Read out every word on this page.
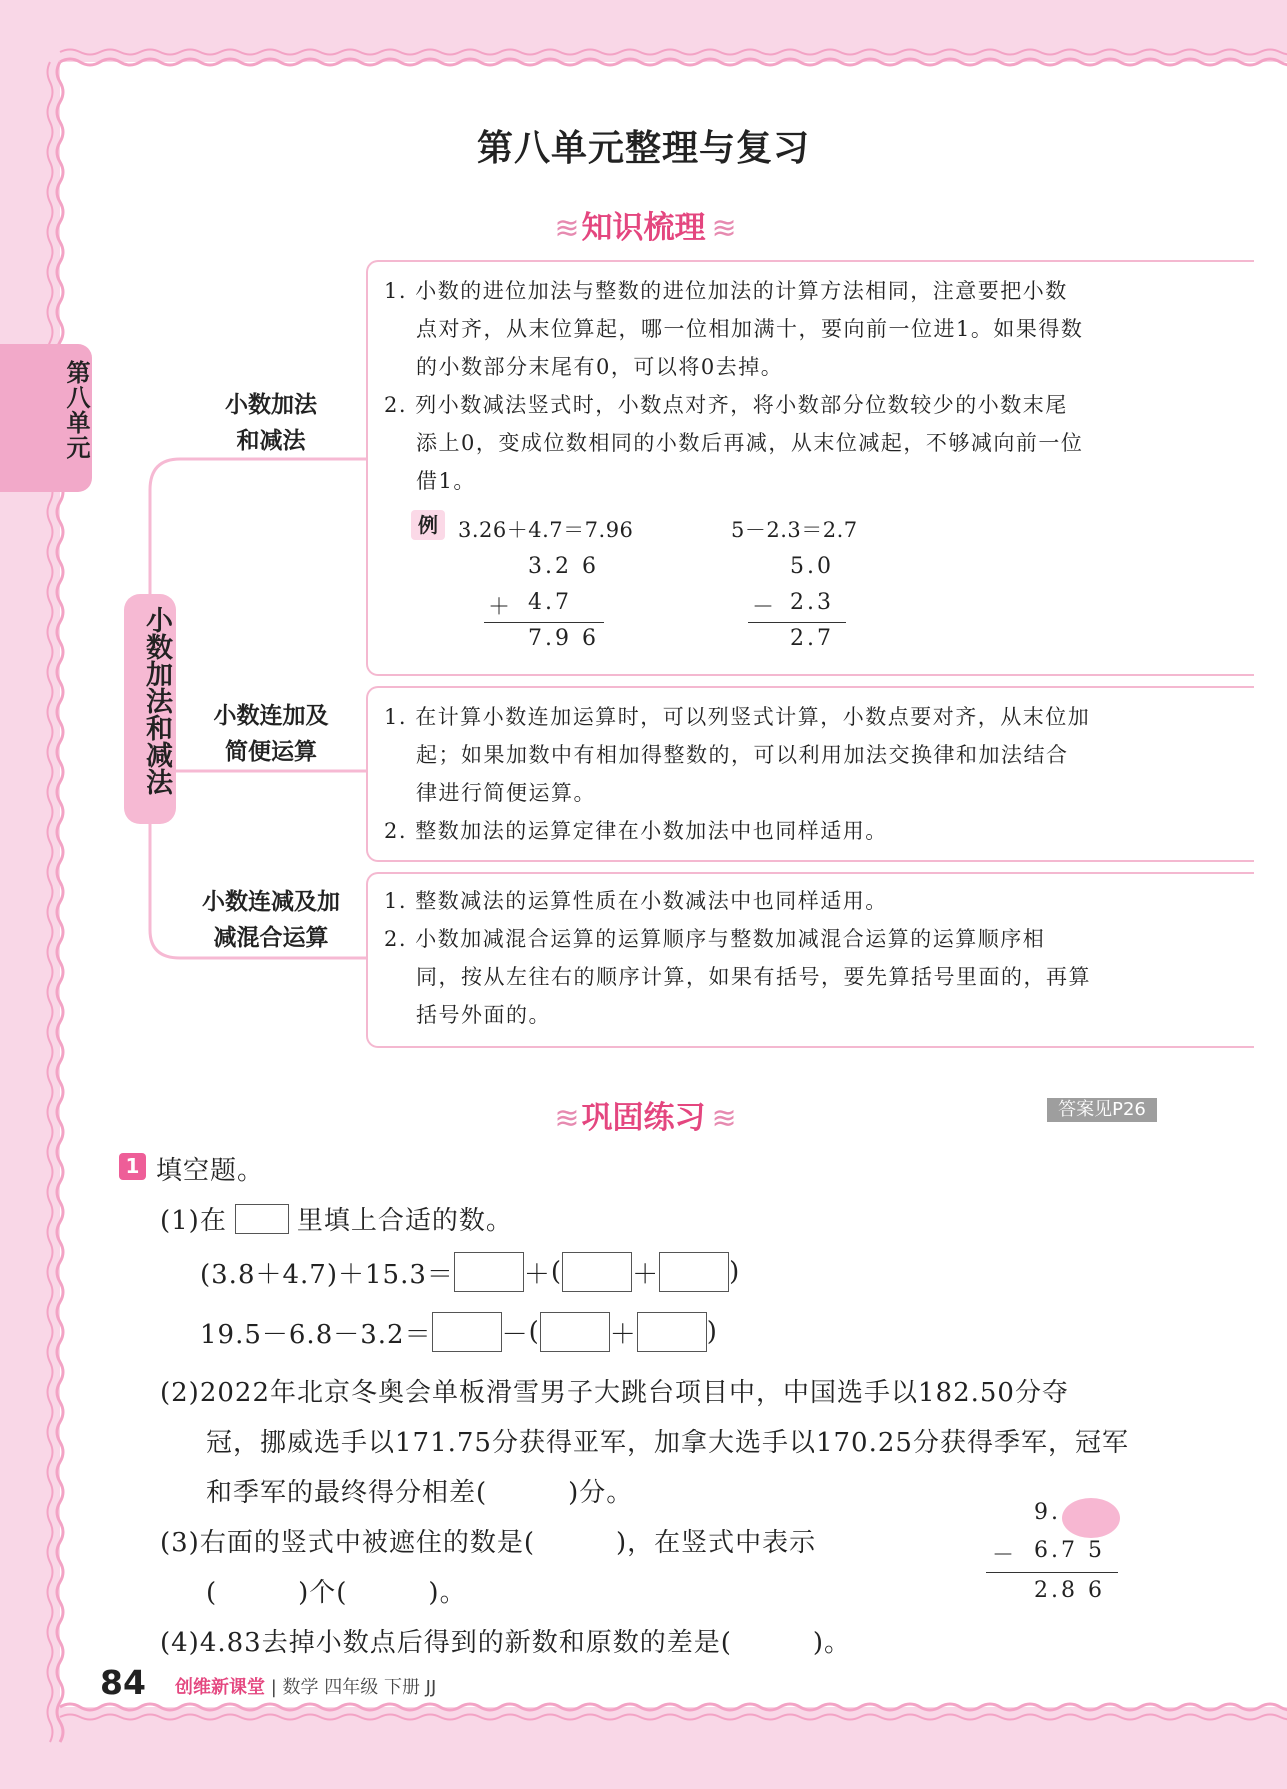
第八单元
第八单元整理与复习
≋ 知识梳理 ≋
小数加法和减法
小数加法
和减法
小数连加及
简便运算
小数连减及加
减混合运算
1. 小数的进位加法与整数的进位加法的计算方法相同，注意要把小数
点对齐，从末位算起，哪一位相加满十，要向前一位进1。如果得数
的小数部分末尾有0，可以将0去掉。
2. 列小数减法竖式时，小数点对齐，将小数部分位数较少的小数末尾
添上0，变成位数相同的小数后再减，从末位减起，不够减向前一位
借1。
例 3.26＋4.7＝7.96	5－2.3＝2.7
3.2 6
＋ 4.7
7.9 6
5.0
－ 2.3
2.7
1. 在计算小数连加运算时，可以列竖式计算，小数点要对齐，从末位加
起；如果加数中有相加得整数的，可以利用加法交换律和加法结合
律进行简便运算。
2. 整数加法的运算定律在小数加法中也同样适用。
1. 整数减法的运算性质在小数减法中也同样适用。
2. 小数加减混合运算的运算顺序与整数加减混合运算的运算顺序相
同，按从左往右的顺序计算，如果有括号，要先算括号里面的，再算
括号外面的。
≋ 巩固练习 ≋	答案见P26
1 填空题。
(1)在	里填上合适的数。
(3.8＋4.7)＋15.3＝	＋ (	＋	)
19.5－6.8－3.2＝	－ (	＋	)
(2)2022年北京冬奥会单板滑雪男子大跳台项目中，中国选手以182.50分夺
冠，挪威选手以171.75分获得亚军，加拿大选手以170.25分获得季军，冠军
和季军的最终得分相差(　　　)分。
(3)右面的竖式中被遮住的数是(　　　)，在竖式中表示
(　　　)个(　　　)。
9.
－ 6.7 5
2.8 6
(4)4.83去掉小数点后得到的新数和原数的差是(　　　)。
84 创维新课堂 | 数学 四年级 下册 JJ
